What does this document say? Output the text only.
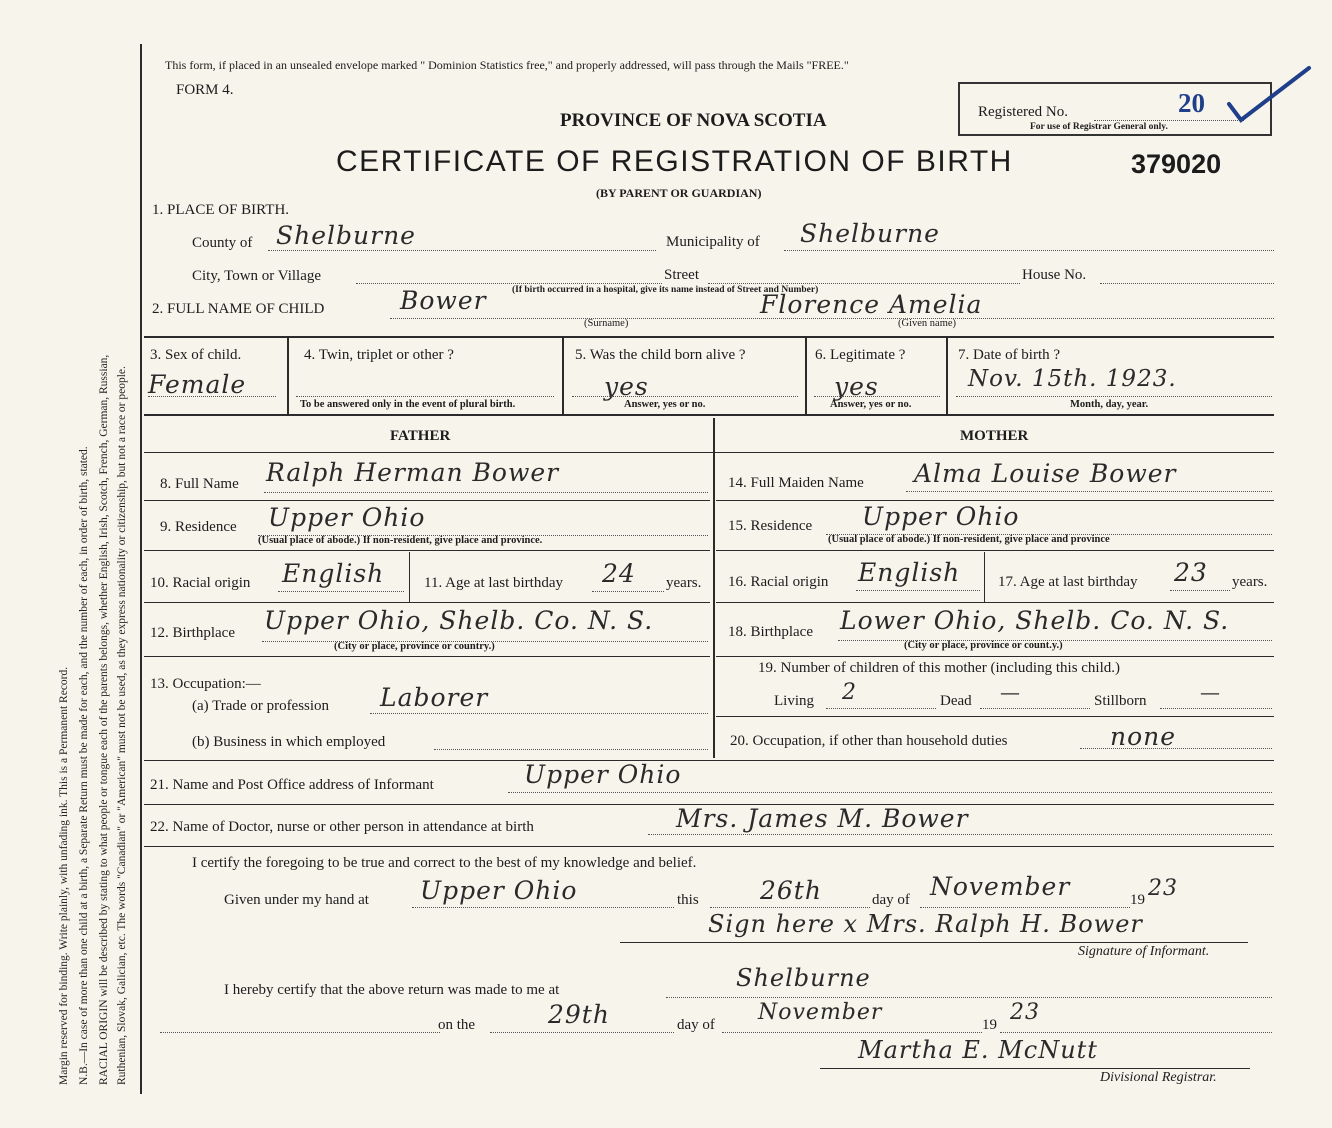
Margin reserved for binding. Write plainly, with unfading ink. This is a Permanent Record. N.B.—In case of more than one child at a birth, a Separate Return must be made for each, and the number of each, in order of birth, stated. RACIAL ORIGIN will be described by stating to what people or tongue each of the parents belongs, whether English, Irish, Scotch, French, German, Russian, Ruthenian, Slovak, Galician, etc. The words "Canadian" or "American" must not be used, as they express nationality or citizenship, but not a race or people.
This form, if placed in an unsealed envelope marked " Dominion Statistics free," and properly addressed, will pass through the Mails "FREE."
FORM 4.
PROVINCE OF NOVA SCOTIA
CERTIFICATE OF REGISTRATION OF BIRTH
(BY PARENT OR GUARDIAN)
379020
Registered No.	20
For use of Registrar General only.
1. PLACE OF BIRTH.
County of Shelburne	Municipality of Shelburne
City, Town or Village	Street	House No.
(If birth occurred in a hospital, give its name instead of Street and Number)
2. FULL NAME OF CHILD	Bower	Florence Amelia
(Surname)	(Given name)
3. Sex of child.
Female
4. Twin, triplet or other ?
To be answered only in the event of plural birth.
5. Was the child born alive ?
yes
Answer, yes or no.
6. Legitimate ?
yes
Answer, yes or no.
7. Date of birth ?
Nov. 15th. 1923.
Month, day, year.
FATHER	MOTHER
8. Full Name Ralph Herman Bower
9. Residence Upper Ohio
(Usual place of abode.) If non-resident, give place and province.
10. Racial origin English	11. Age at last birthday 24 years.
12. Birthplace Upper Ohio, Shelb. Co. N. S.
(City or place, province or country.)
13. Occupation:—
(a) Trade or profession Laborer
(b) Business in which employed
14. Full Maiden Name Alma Louise Bower
15. Residence Upper Ohio
(Usual place of abode.) If non-resident, give place and province
16. Racial origin English	17. Age at last birthday 23 years.
18. Birthplace Lower Ohio, Shelb. Co. N. S.
(City or place, province or count.y.)
19. Number of children of this mother (including this child.)
Living 2	Dead —	Stillborn	—
20. Occupation, if other than household duties	none
21. Name and Post Office address of Informant	Upper Ohio
22. Name of Doctor, nurse or other person in attendance at birth	Mrs. James M. Bower
I certify the foregoing to be true and correct to the best of my knowledge and belief.
Given under my hand at Upper Ohio	this 26th	day of November	19 23
Sign here x Mrs. Ralph H. Bower
Signature of Informant.
I hereby certify that the above return was made to me at	Shelburne
on the	29th	day of November	19 23
Martha E. McNutt
Divisional Registrar.
